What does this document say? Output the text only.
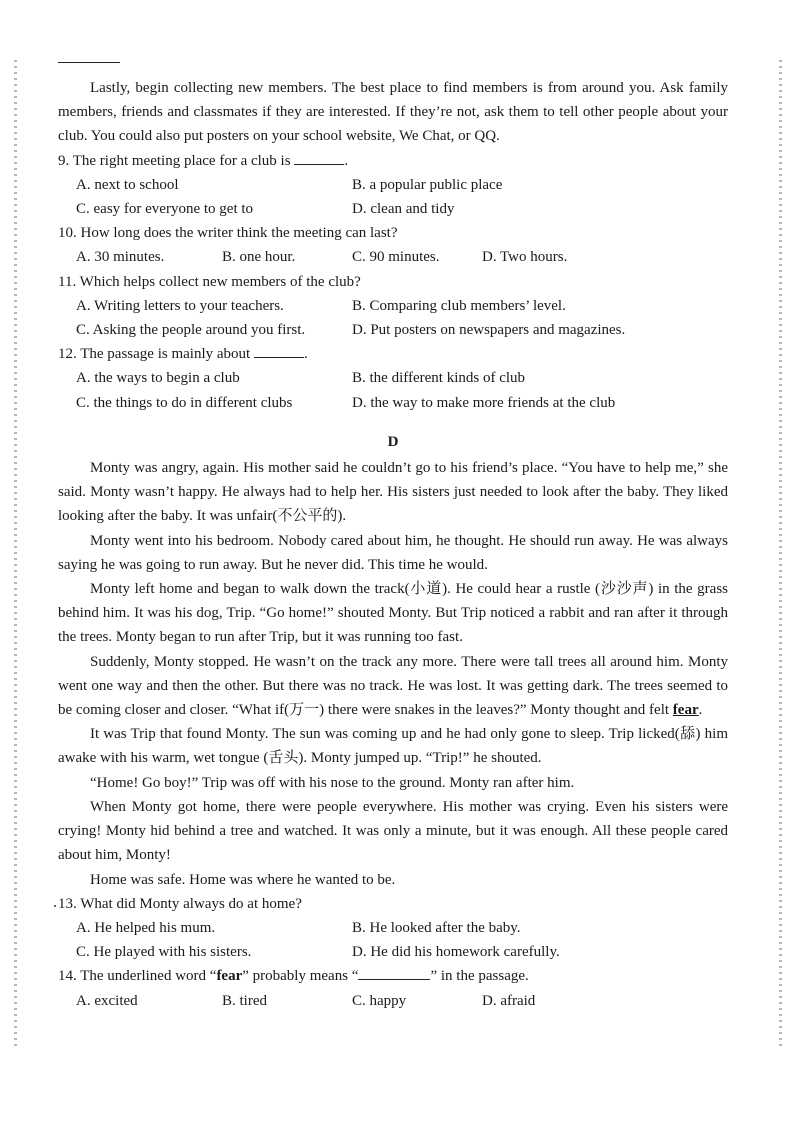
Lastly, begin collecting new members. The best place to find members is from around you. Ask family members, friends and classmates if they are interested. If they’re not, ask them to tell other people about your club. You could also put posters on your school website, We Chat, or QQ.

9. The right meeting place for a club is	.

A. next to school	B. a popular public place
C. easy for everyone to get to	D. clean and tidy

10. How long does the writer think the meeting can last?

A. 30 minutes.	B. one hour.	C. 90 minutes.	D. Two hours.

11. Which helps collect new members of the club?

A. Writing letters to your teachers.	B. Comparing club members’ level.
C. Asking the people around you first.	D. Put posters on newspapers and magazines.

12. The passage is mainly about	.

A. the ways to begin a club	B. the different kinds of club
C. the things to do in different clubs	D. the way to make more friends at the club

D

Monty was angry, again. His mother said he couldn’t go to his friend’s place. “You have to help me,” she said. Monty wasn’t happy. He always had to help her. His sisters just needed to look after the baby. They liked looking after the baby. It was unfair(不公平的).

Monty went into his bedroom. Nobody cared about him, he thought. He should run away. He was always saying he was going to run away. But he never did. This time he would.

Monty left home and began to walk down the track(小道). He could hear a rustle (沙沙声) in the grass behind him. It was his dog, Trip. “Go home!” shouted Monty. But Trip noticed a rabbit and ran after it through the trees. Monty began to run after Trip, but it was running too fast.

Suddenly, Monty stopped. He wasn’t on the track any more. There were tall trees all around him. Monty went one way and then the other. But there was no track. He was lost. It was getting dark. The trees seemed to be coming closer and closer. “What if(万一) there were snakes in the leaves?” Monty thought and felt fear.

It was Trip that found Monty. The sun was coming up and he had only gone to sleep. Trip licked(舔) him awake with his warm, wet tongue (舌头). Monty jumped up. “Trip!” he shouted.

“Home! Go boy!” Trip was off with his nose to the ground. Monty ran after him.

When Monty got home, there were people everywhere. His mother was crying. Even his sisters were crying! Monty hid behind a tree and watched. It was only a minute, but it was enough. All these people cared about him, Monty!

Home was safe. Home was where he wanted to be.

13. What did Monty always do at home?

A. He helped his mum.	B. He looked after the baby.
C. He played with his sisters.	D. He did his homework carefully.

14. The underlined word “fear” probably means “	” in the passage.

A. excited	B. tired	C. happy	D. afraid
